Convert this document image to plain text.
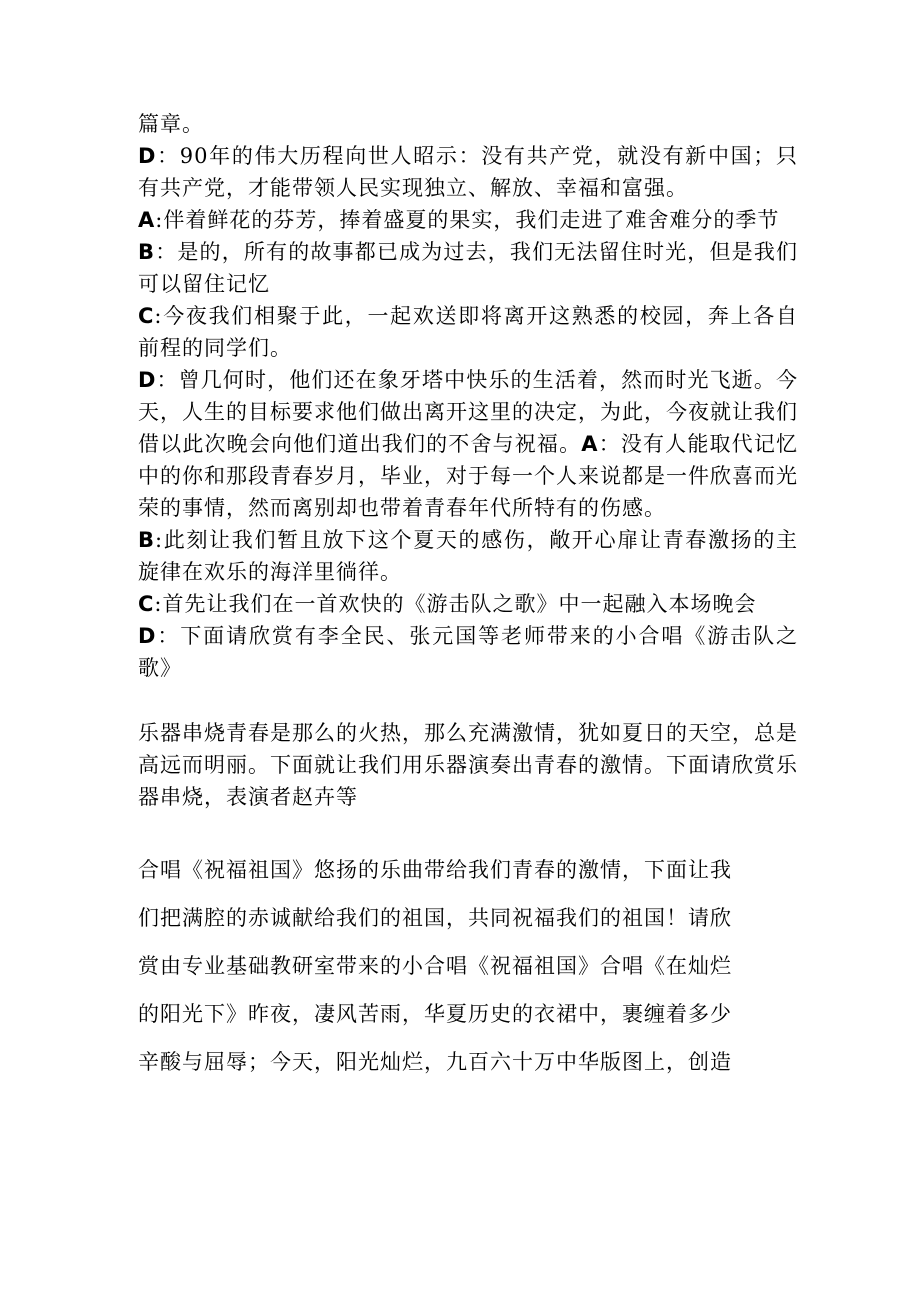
篇章。

D：90年的伟大历程向世人昭示：没有共产党，就没有新中国；只有共产党，才能带领人民实现独立、解放、幸福和富强。

A:伴着鲜花的芬芳，捧着盛夏的果实，我们走进了难舍难分的季节

B：是的，所有的故事都已成为过去，我们无法留住时光，但是我们可以留住记忆

C:今夜我们相聚于此，一起欢送即将离开这熟悉的校园，奔上各自前程的同学们。

D：曾几何时，他们还在象牙塔中快乐的生活着，然而时光飞逝。今天，人生的目标要求他们做出离开这里的决定，为此，今夜就让我们借以此次晚会向他们道出我们的不舍与祝福。A：没有人能取代记忆中的你和那段青春岁月，毕业，对于每一个人来说都是一件欣喜而光荣的事情，然而离别却也带着青春年代所特有的伤感。

B:此刻让我们暂且放下这个夏天的感伤，敞开心扉让青春激扬的主旋律在欢乐的海洋里徜徉。

C:首先让我们在一首欢快的《游击队之歌》中一起融入本场晚会

D：下面请欣赏有李全民、张元国等老师带来的小合唱《游击队之歌》

乐器串烧青春是那么的火热，那么充满激情，犹如夏日的天空，总是高远而明丽。下面就让我们用乐器演奏出青春的激情。下面请欣赏乐器串烧，表演者赵卉等

合唱《祝福祖国》悠扬的乐曲带给我们青春的激情，下面让我

们把满腔的赤诚献给我们的祖国，共同祝福我们的祖国！请欣

赏由专业基础教研室带来的小合唱《祝福祖国》合唱《在灿烂

的阳光下》昨夜，凄风苦雨，华夏历史的衣裙中，裹缠着多少

辛酸与屈辱；今天，阳光灿烂，九百六十万中华版图上，创造
